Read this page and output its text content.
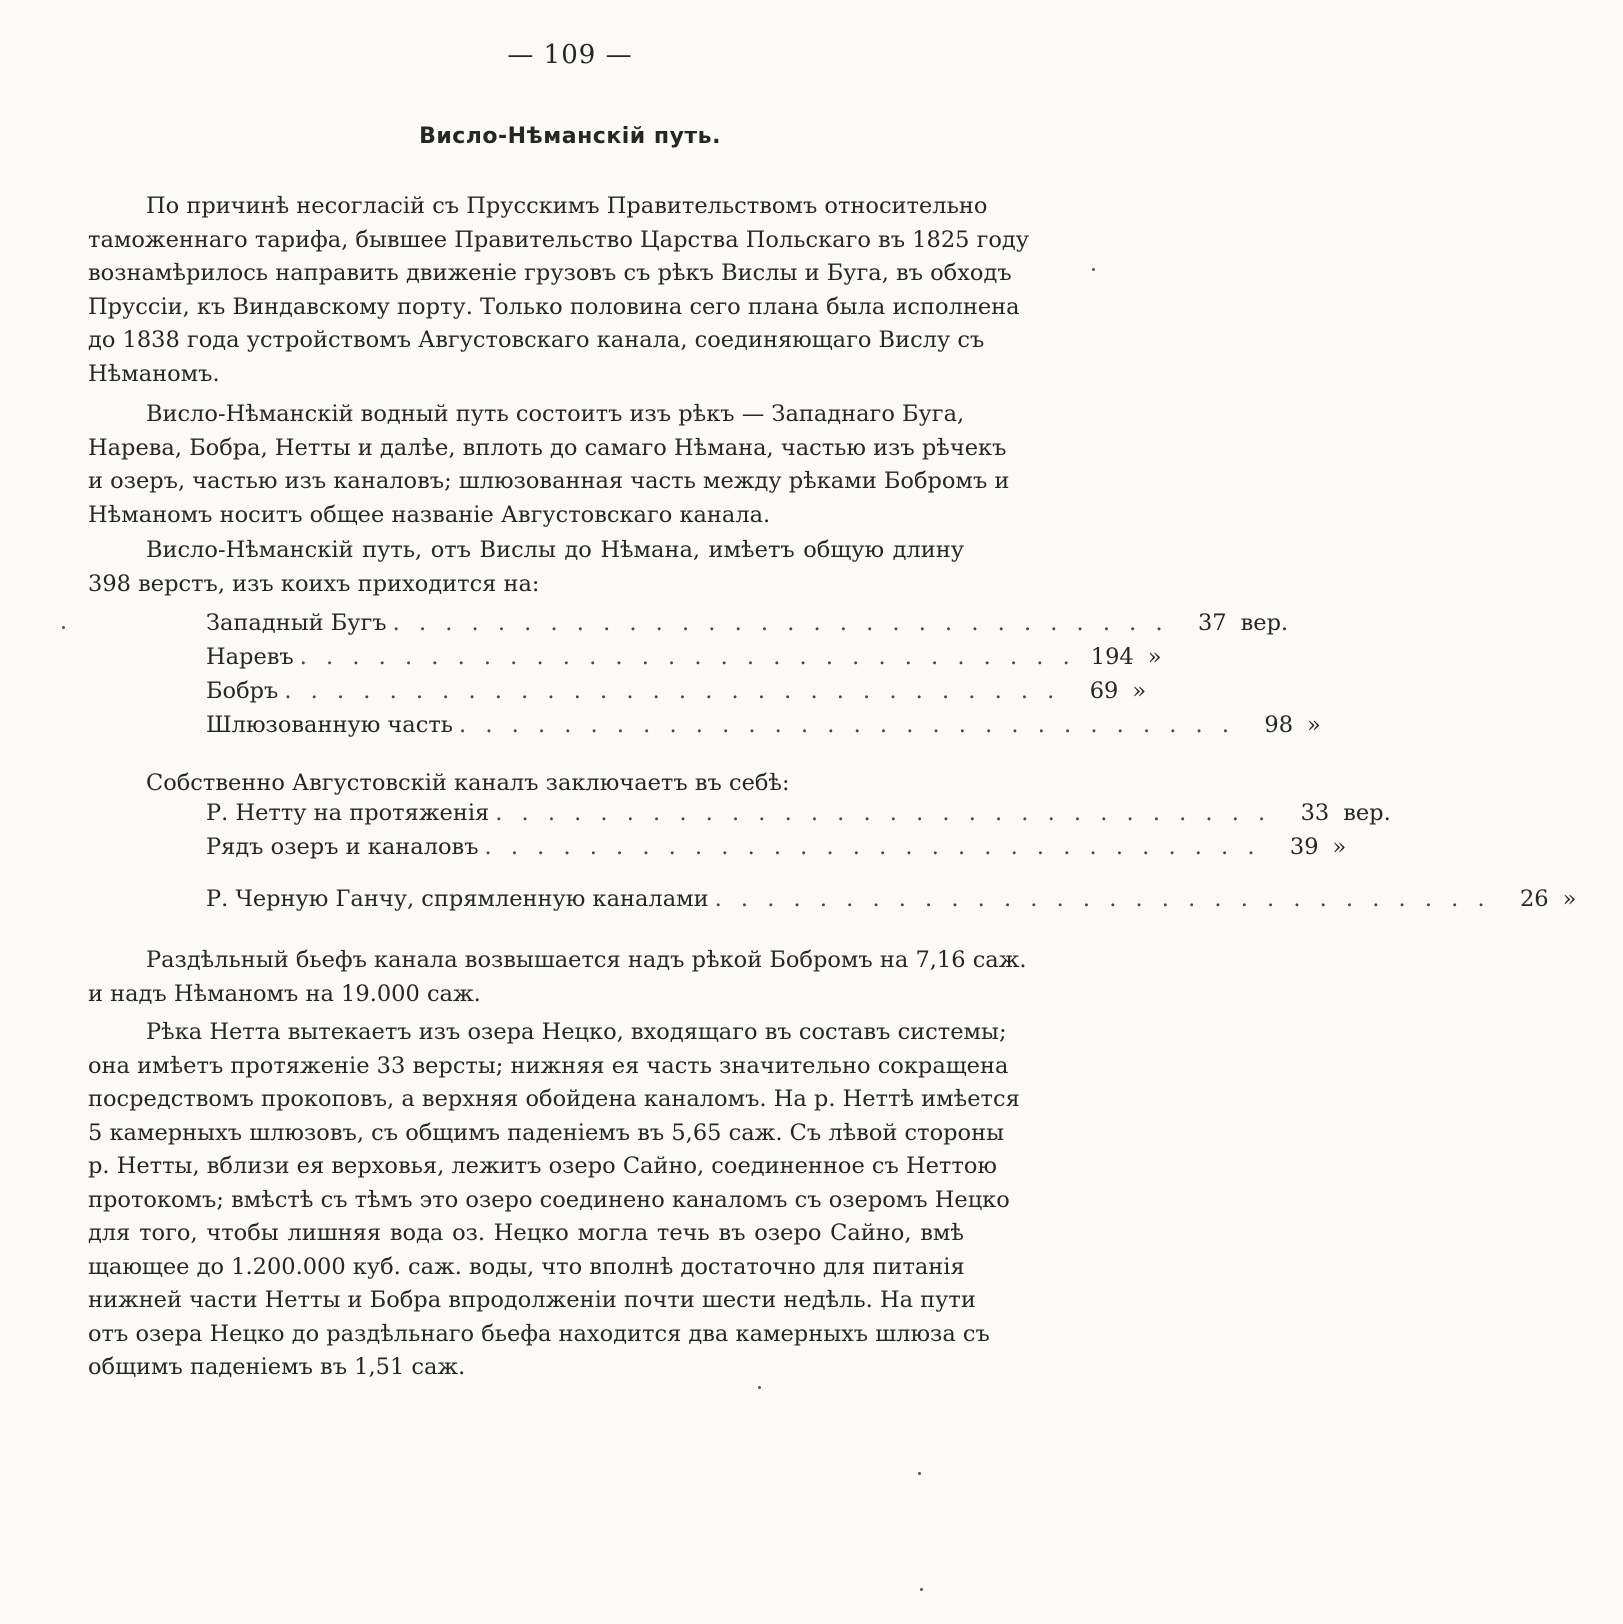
— 109 —
Висло-Нѣманскій путь.
По причинѣ несогласій съ Прусскимъ Правительствомъ относительно
таможеннаго тарифа, бывшее Правительство Царства Польскаго въ 1825 году
вознамѣрилось направить движеніе грузовъ съ рѣкъ Вислы и Буга, въ обходъ
Пруссіи, къ Виндавскому порту. Только половина сего плана была исполнена
до 1838 года устройствомъ Августовскаго канала, соединяющаго Вислу съ
Нѣманомъ.
Висло-Нѣманскій водный путь состоитъ изъ рѣкъ — Западнаго Буга,
Нарева, Бобра, Нетты и далѣе, вплоть до самаго Нѣмана, частью изъ рѣчекъ
и озеръ, частью изъ каналовъ; шлюзованная часть между рѣками Бобромъ и
Нѣманомъ носитъ общее названіе Августовскаго канала.
Висло-Нѣманскій путь, отъ Вислы до Нѣмана, имѣетъ общую длину
398 верстъ, изъ коихъ приходится на:
Западный Бугъ . . . . . . . . . . . . . . . . . . . . . . . . . . . . . .	37 вер.
Наревъ . . . . . . . . . . . . . . . . . . . . . . . . . . . . . . 194 »
Бобръ . . . . . . . . . . . . . . . . . . . . . . . . . . . . . .	69 »
Шлюзованную часть . . . . . . . . . . . . . . . . . . . . . . . . . . . . . .	98 »
Собственно Августовскій каналъ заключаетъ въ себѣ:
Р. Нетту на протяженія . . . . . . . . . . . . . . . . . . . . . . . . . . . . . .	33 вер.
Рядъ озеръ и каналовъ . . . . . . . . . . . . . . . . . . . . . . . . . . . . . .	39 »
Р. Черную Ганчу, спрямленную каналами . . . . . . . . . . . . . . . . . . . . . . . . . . . . . .	26 »
Раздѣльный бьефъ канала возвышается надъ рѣкой Бобромъ на 7,16 саж.
и надъ Нѣманомъ на 19.000 саж.
Рѣка Нетта вытекаетъ изъ озера Нецко, входящаго въ составъ системы;
она имѣетъ протяженіе 33 версты; нижняя ея часть значительно сокращена
посредствомъ прокоповъ, а верхняя обойдена каналомъ. На р. Неттѣ имѣется
5 камерныхъ шлюзовъ, съ общимъ паденіемъ въ 5,65 саж. Съ лѣвой стороны
р. Нетты, вблизи ея верховья, лежитъ озеро Сайно, соединенное съ Неттою
протокомъ; вмѣстѣ съ тѣмъ это озеро соединено каналомъ съ озеромъ Нецко
для того, чтобы лишняя вода оз. Нецко могла течь въ озеро Сайно, вмѣ
щающее до 1.200.000 куб. саж. воды, что вполнѣ достаточно для питанія
нижней части Нетты и Бобра впродолженіи почти шести недѣль. На пути
отъ озера Нецко до раздѣльнаго бьефа находится два камерныхъ шлюза съ
общимъ паденіемъ въ 1,51 саж.
